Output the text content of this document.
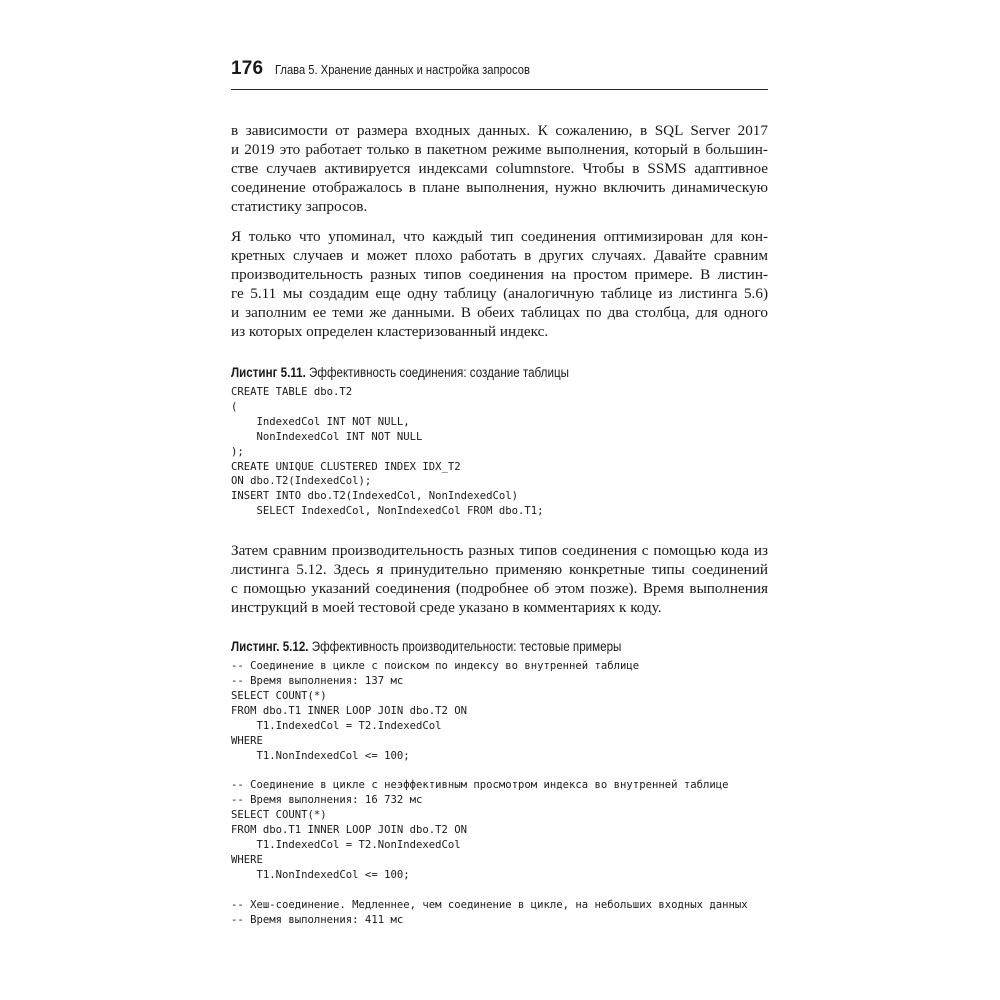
176 Глава 5. Хранение данных и настройка запросов

в зависимости от размера входных данных. К сожалению, в SQL Server 2017
и 2019 это работает только в пакетном режиме выполнения, который в большин-
стве случаев активируется индексами columnstore. Чтобы в SSMS адаптивное
соединение отображалось в плане выполнения, нужно включить динамическую
статистику запросов.

Я только что упоминал, что каждый тип соединения оптимизирован для кон-
кретных случаев и может плохо работать в других случаях. Давайте сравним
производительность разных типов соединения на простом примере. В листин-
ге 5.11 мы создадим еще одну таблицу (аналогичную таблице из листинга 5.6)
и заполним ее теми же данными. В обеих таблицах по два столбца, для одного
из которых определен кластеризованный индекс.

Листинг 5.11. Эффективность соединения: создание таблицы
CREATE TABLE dbo.T2
(
IndexedCol INT NOT NULL,
NonIndexedCol INT NOT NULL
);
CREATE UNIQUE CLUSTERED INDEX IDX_T2
ON dbo.T2(IndexedCol);
INSERT INTO dbo.T2(IndexedCol, NonIndexedCol)
SELECT IndexedCol, NonIndexedCol FROM dbo.T1;

Затем сравним производительность разных типов соединения с помощью кода из
листинга 5.12. Здесь я принудительно применяю конкретные типы соединений
с помощью указаний соединения (подробнее об этом позже). Время выполнения
инструкций в моей тестовой среде указано в комментариях к коду.

Листинг. 5.12. Эффективность производительности: тестовые примеры
-- Соединение в цикле с поиском по индексу во внутренней таблице
-- Время выполнения: 137 мс
SELECT COUNT(*)
FROM dbo.T1 INNER LOOP JOIN dbo.T2 ON
T1.IndexedCol = T2.IndexedCol
WHERE
T1.NonIndexedCol <= 100;

-- Соединение в цикле с неэффективным просмотром индекса во внутренней таблице
-- Время выполнения: 16 732 мс
SELECT COUNT(*)
FROM dbo.T1 INNER LOOP JOIN dbo.T2 ON
T1.IndexedCol = T2.NonIndexedCol
WHERE
T1.NonIndexedCol <= 100;

-- Хеш-соединение. Медленнее, чем соединение в цикле, на небольших входных данных
-- Время выполнения: 411 мс
